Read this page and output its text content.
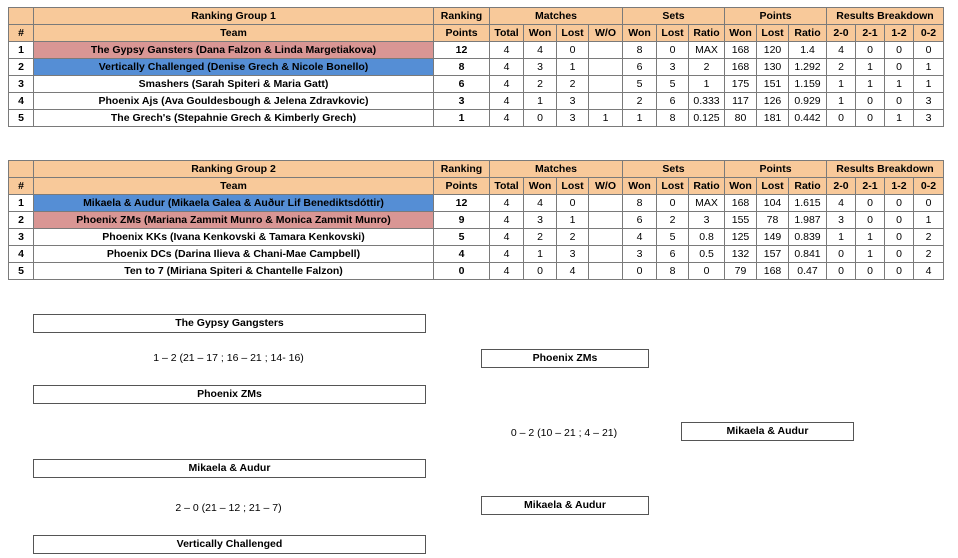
	Ranking Group 1	Ranking	Matches				Sets			Points			Results Breakdown			
#	Team	Points	Total	Won	Lost	W/O	Won	Lost	Ratio	Won	Lost	Ratio	2-0	2-1	1-2	0-2
1	The Gypsy Gansters (Dana Falzon & Linda Margetiakova)	12	4	4	0		8	0	MAX	168	120	1.4	4	0	0	0
2	Vertically Challenged (Denise Grech & Nicole Bonello)	8	4	3	1		6	3	2	168	130	1.292	2	1	0	1
3	Smashers (Sarah Spiteri & Maria Gatt)	6	4	2	2		5	5	1	175	151	1.159	1	1	1	1
4	Phoenix Ajs (Ava Gouldesbough & Jelena Zdravkovic)	3	4	1	3		2	6	0.333	117	126	0.929	1	0	0	3
5	The Grech's (Stepahnie Grech & Kimberly Grech)	1	4	0	3	1	1	8	0.125	80	181	0.442	0	0	1	3
	Ranking Group 2	Ranking	Matches				Sets			Points			Results Breakdown			
#	Team	Points	Total	Won	Lost	W/O	Won	Lost	Ratio	Won	Lost	Ratio	2-0	2-1	1-2	0-2
1	Mikaela & Audur (Mikaela Galea & Auður Lif Benediktsdóttir)	12	4	4	0		8	0	MAX	168	104	1.615	4	0	0	0
2	Phoenix ZMs (Mariana Zammit Munro & Monica Zammit Munro)	9	4	3	1		6	2	3	155	78	1.987	3	0	0	1
3	Phoenix KKs (Ivana Kenkovski & Tamara Kenkovski)	5	4	2	2		4	5	0.8	125	149	0.839	1	1	0	2
4	Phoenix DCs (Darina Ilieva & Chani-Mae Campbell)	4	4	1	3		3	6	0.5	132	157	0.841	0	1	0	2
5	Ten to 7 (Miriana Spiteri & Chantelle Falzon)	0	4	0	4		0	8	0	79	168	0.47	0	0	0	4
The Gypsy Gangsters
1 – 2 (21 – 17 ; 16 – 21 ; 14- 16)
Phoenix ZMs
Phoenix ZMs
0 – 2 (10 – 21 ; 4 – 21)	Mikaela & Audur
Mikaela & Audur
2 – 0 (21 – 12 ; 21 – 7)	Mikaela & Audur
Vertically Challenged
